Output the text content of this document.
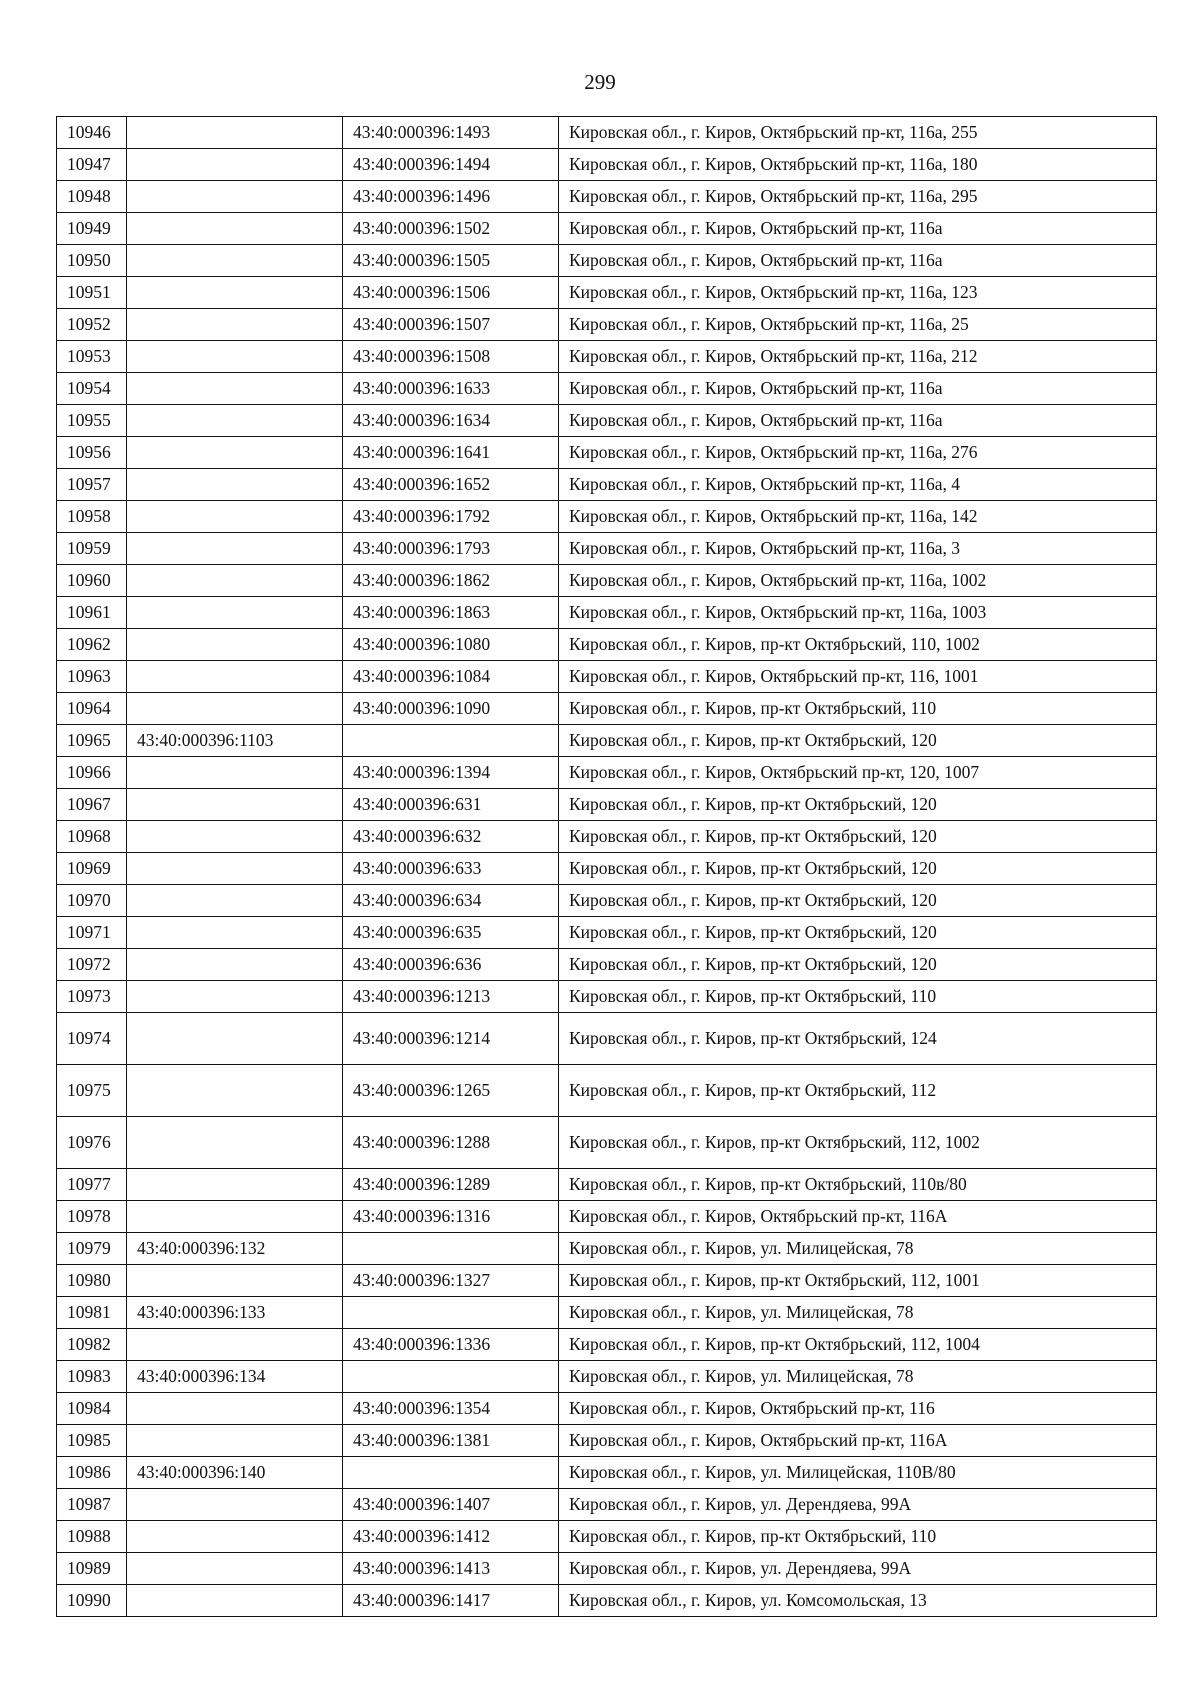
299
10946		43:40:000396:1493	Кировская обл., г. Киров, Октябрьский пр-кт, 116а, 255
10947		43:40:000396:1494	Кировская обл., г. Киров, Октябрьский пр-кт, 116а, 180
10948		43:40:000396:1496	Кировская обл., г. Киров, Октябрьский пр-кт, 116а, 295
10949		43:40:000396:1502	Кировская обл., г. Киров, Октябрьский пр-кт, 116а
10950		43:40:000396:1505	Кировская обл., г. Киров, Октябрьский пр-кт, 116а
10951		43:40:000396:1506	Кировская обл., г. Киров, Октябрьский пр-кт, 116а, 123
10952		43:40:000396:1507	Кировская обл., г. Киров, Октябрьский пр-кт, 116а, 25
10953		43:40:000396:1508	Кировская обл., г. Киров, Октябрьский пр-кт, 116а, 212
10954		43:40:000396:1633	Кировская обл., г. Киров, Октябрьский пр-кт, 116а
10955		43:40:000396:1634	Кировская обл., г. Киров, Октябрьский пр-кт, 116а
10956		43:40:000396:1641	Кировская обл., г. Киров, Октябрьский пр-кт, 116а, 276
10957		43:40:000396:1652	Кировская обл., г. Киров, Октябрьский пр-кт, 116а, 4
10958		43:40:000396:1792	Кировская обл., г. Киров, Октябрьский пр-кт, 116а, 142
10959		43:40:000396:1793	Кировская обл., г. Киров, Октябрьский пр-кт, 116а, 3
10960		43:40:000396:1862	Кировская обл., г. Киров, Октябрьский пр-кт, 116а, 1002
10961		43:40:000396:1863	Кировская обл., г. Киров, Октябрьский пр-кт, 116а, 1003
10962		43:40:000396:1080	Кировская обл., г. Киров, пр-кт Октябрьский, 110, 1002
10963		43:40:000396:1084	Кировская обл., г. Киров, Октябрьский пр-кт, 116, 1001
10964		43:40:000396:1090	Кировская обл., г. Киров, пр-кт Октябрьский, 110
10965	43:40:000396:1103		Кировская обл., г. Киров, пр-кт Октябрьский, 120
10966		43:40:000396:1394	Кировская обл., г. Киров, Октябрьский пр-кт, 120, 1007
10967		43:40:000396:631	Кировская обл., г. Киров, пр-кт Октябрьский, 120
10968		43:40:000396:632	Кировская обл., г. Киров, пр-кт Октябрьский, 120
10969		43:40:000396:633	Кировская обл., г. Киров, пр-кт Октябрьский, 120
10970		43:40:000396:634	Кировская обл., г. Киров, пр-кт Октябрьский, 120
10971		43:40:000396:635	Кировская обл., г. Киров, пр-кт Октябрьский, 120
10972		43:40:000396:636	Кировская обл., г. Киров, пр-кт Октябрьский, 120
10973		43:40:000396:1213	Кировская обл., г. Киров, пр-кт Октябрьский, 110
10974		43:40:000396:1214	Кировская обл., г. Киров, пр-кт Октябрьский, 124
10975		43:40:000396:1265	Кировская обл., г. Киров, пр-кт Октябрьский, 112
10976		43:40:000396:1288	Кировская обл., г. Киров, пр-кт Октябрьский, 112, 1002
10977		43:40:000396:1289	Кировская обл., г. Киров, пр-кт Октябрьский, 110в/80
10978		43:40:000396:1316	Кировская обл., г. Киров, Октябрьский пр-кт, 116А
10979	43:40:000396:132		Кировская обл., г. Киров, ул. Милицейская, 78
10980		43:40:000396:1327	Кировская обл., г. Киров, пр-кт Октябрьский, 112, 1001
10981	43:40:000396:133		Кировская обл., г. Киров, ул. Милицейская, 78
10982		43:40:000396:1336	Кировская обл., г. Киров, пр-кт Октябрьский, 112, 1004
10983	43:40:000396:134		Кировская обл., г. Киров, ул. Милицейская, 78
10984		43:40:000396:1354	Кировская обл., г. Киров, Октябрьский пр-кт, 116
10985		43:40:000396:1381	Кировская обл., г. Киров, Октябрьский пр-кт, 116А
10986	43:40:000396:140		Кировская обл., г. Киров, ул. Милицейская, 110В/80
10987		43:40:000396:1407	Кировская обл., г. Киров, ул. Дерендяева, 99А
10988		43:40:000396:1412	Кировская обл., г. Киров, пр-кт Октябрьский, 110
10989		43:40:000396:1413	Кировская обл., г. Киров, ул. Дерендяева, 99А
10990		43:40:000396:1417	Кировская обл., г. Киров, ул. Комсомольская, 13
